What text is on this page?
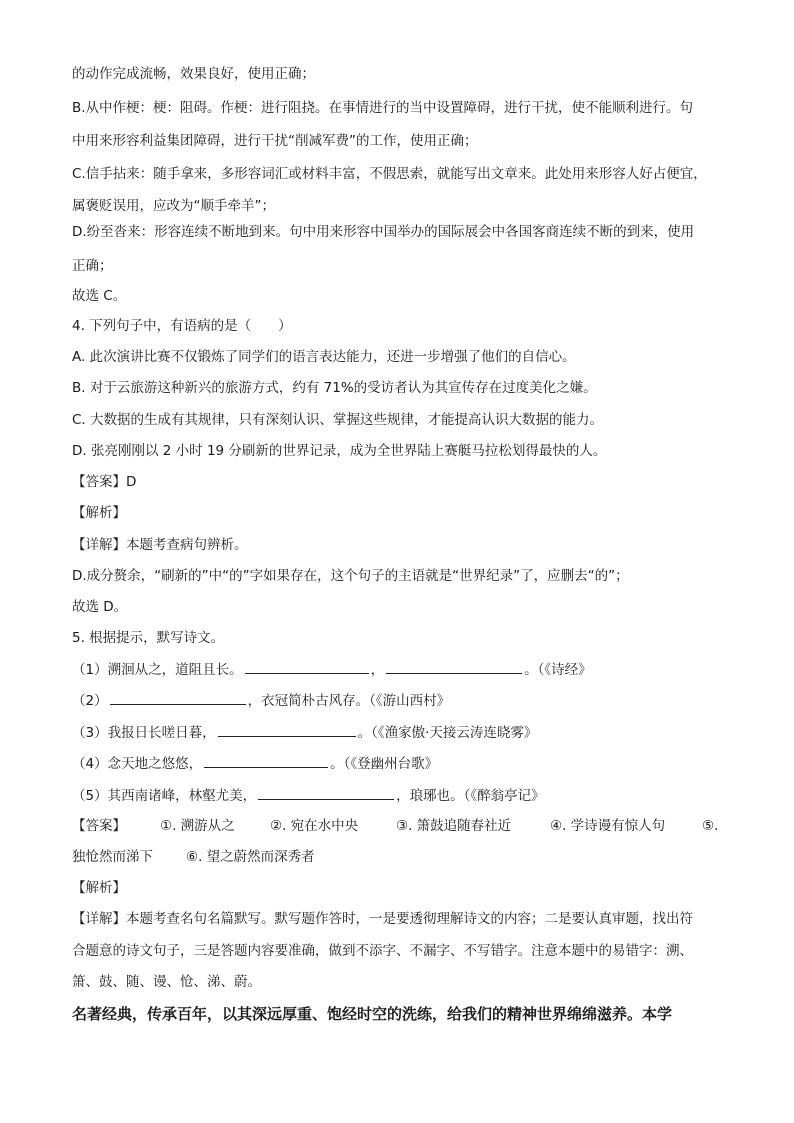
的动作完成流畅，效果良好，使用正确；
B.从中作梗：梗：阻碍。作梗：进行阻挠。在事情进行的当中设置障碍，进行干扰，使不能顺利进行。句
中用来形容利益集团障碍，进行干扰“削减军费”的工作，使用正确；
C.信手拈来：随手拿来，多形容词汇或材料丰富，不假思索，就能写出文章来。此处用来形容人好占便宜，
属褒贬误用，应改为“顺手牵羊”；
D.纷至沓来：形容连续不断地到来。句中用来形容中国举办的国际展会中各国客商连续不断的到来，使用
正确；
故选 C。
4. 下列句子中，有语病的是（　　）
A. 此次演讲比赛不仅锻炼了同学们的语言表达能力，还进一步增强了他们的自信心。
B. 对于云旅游这种新兴的旅游方式，约有 71%的受访者认为其宣传存在过度美化之嫌。
C. 大数据的生成有其规律，只有深刻认识、掌握这些规律，才能提高认识大数据的能力。
D. 张亮刚刚以 2 小时 19 分刷新的世界记录，成为全世界陆上赛艇马拉松划得最快的人。
【答案】D
【解析】
【详解】本题考查病句辨析。
D.成分赘余，“刷新的”中“的”字如果存在，这个句子的主语就是“世界纪录”了，应删去“的”；
故选 D。
5. 根据提示，默写诗文。
（1）溯洄从之，道阻且长。	，	。（《诗经》
（2）	，衣冠简朴古风存。（《游山西村》
（3）我报日长嗟日暮，	。（《渔家傲·天接云涛连晓雾》
（4）念天地之悠悠，	。（《登幽州台歌》
（5）其西南诸峰，林壑尤美，	，琅琊也。（《醉翁亭记》
【答案】	①. 溯游从之	②. 宛在水中央	③. 箫鼓追随春社近	④. 学诗谩有惊人句	⑤.
独怆然而涕下 ⑥. 望之蔚然而深秀者
【解析】
【详解】本题考查名句名篇默写。默写题作答时，一是要透彻理解诗文的内容；二是要认真审题，找出符
合题意的诗文句子，三是答题内容要准确，做到不添字、不漏字、不写错字。注意本题中的易错字：溯、
箫、鼓、随、谩、怆、涕、蔚。
名著经典，传承百年，以其深远厚重、饱经时空的洗练，给我们的精神世界绵绵滋养。本学
